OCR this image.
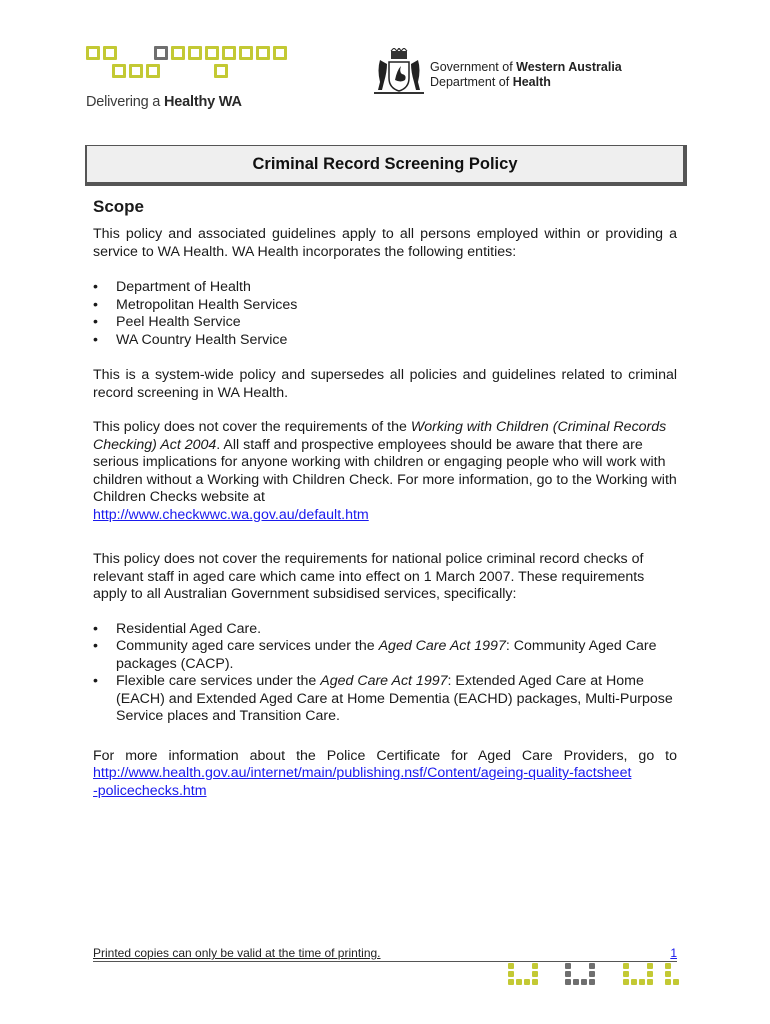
Delivering a Healthy WA
Government of Western Australia
Department of Health
Criminal Record Screening Policy
Scope

This policy and associated guidelines apply to all persons employed within or providing a service to WA Health. WA Health incorporates the following entities:

• Department of Health
• Metropolitan Health Services
• Peel Health Service
• WA Country Health Service

This is a system-wide policy and supersedes all policies and guidelines related to criminal record screening in WA Health.

This policy does not cover the requirements of the Working with Children (Criminal Records Checking) Act 2004. All staff and prospective employees should be aware that there are serious implications for anyone working with children or engaging people who will work with children without a Working with Children Check. For more information, go to the Working with Children Checks website at
http://www.checkwwc.wa.gov.au/default.htm

This policy does not cover the requirements for national police criminal record checks of relevant staff in aged care which came into effect on 1 March 2007. These requirements apply to all Australian Government subsidised services, specifically:

• Residential Aged Care.
• Community aged care services under the Aged Care Act 1997: Community Aged Care packages (CACP).
• Flexible care services under the Aged Care Act 1997: Extended Aged Care at Home (EACH) and Extended Aged Care at Home Dementia (EACHD) packages, Multi-Purpose Service places and Transition Care.

For more information about the Police Certificate for Aged Care Providers, go to
http://www.health.gov.au/internet/main/publishing.nsf/Content/ageing-quality-factsheet-policechecks.htm

Printed copies can only be valid at the time of printing.	1
